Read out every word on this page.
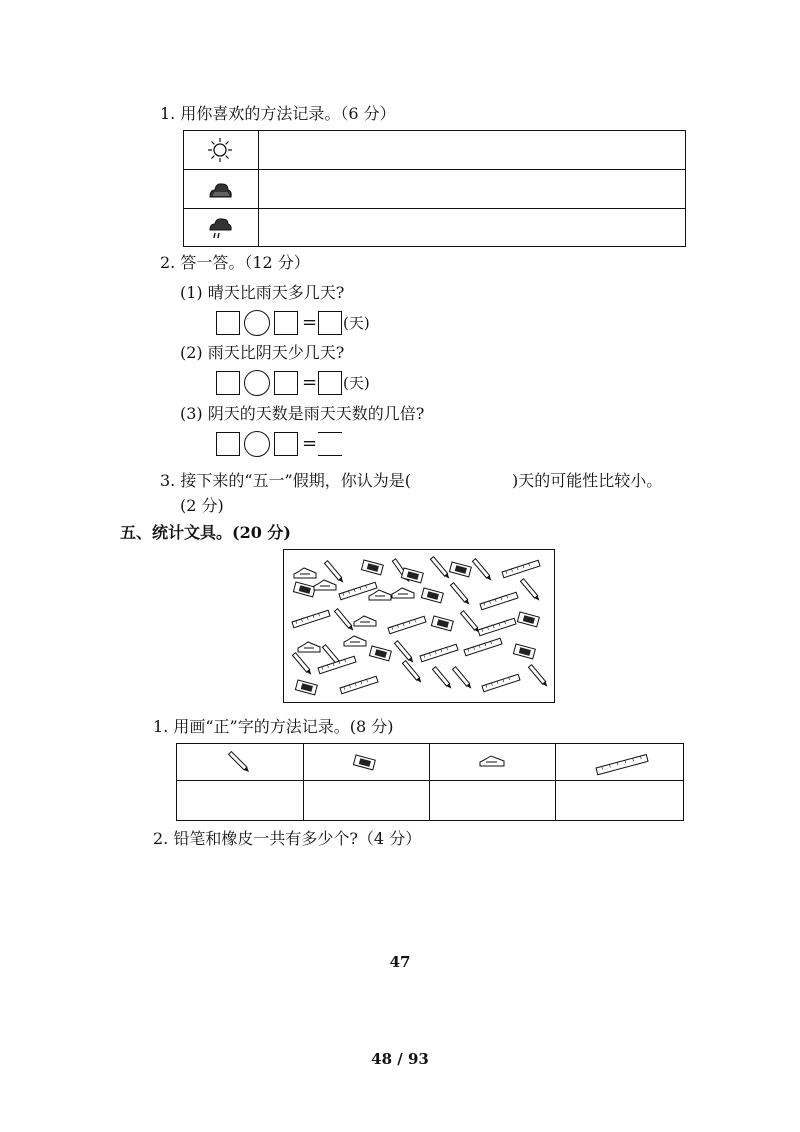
1. 用你喜欢的方法记录。（6 分）
2. 答一答。（12 分）
(1) 晴天比雨天多几天?
= (天)
(2) 雨天比阴天少几天?
= (天)
(3) 阴天的天数是雨天天数的几倍?
=
3. 接下来的“五一”假期，你认为是(	)天的可能性比较小。
(2 分)
五、统计文具。(20 分)
1. 用画“正”字的方法记录。(8 分)
2. 铅笔和橡皮一共有多少个?（4 分）
47
48 / 93
